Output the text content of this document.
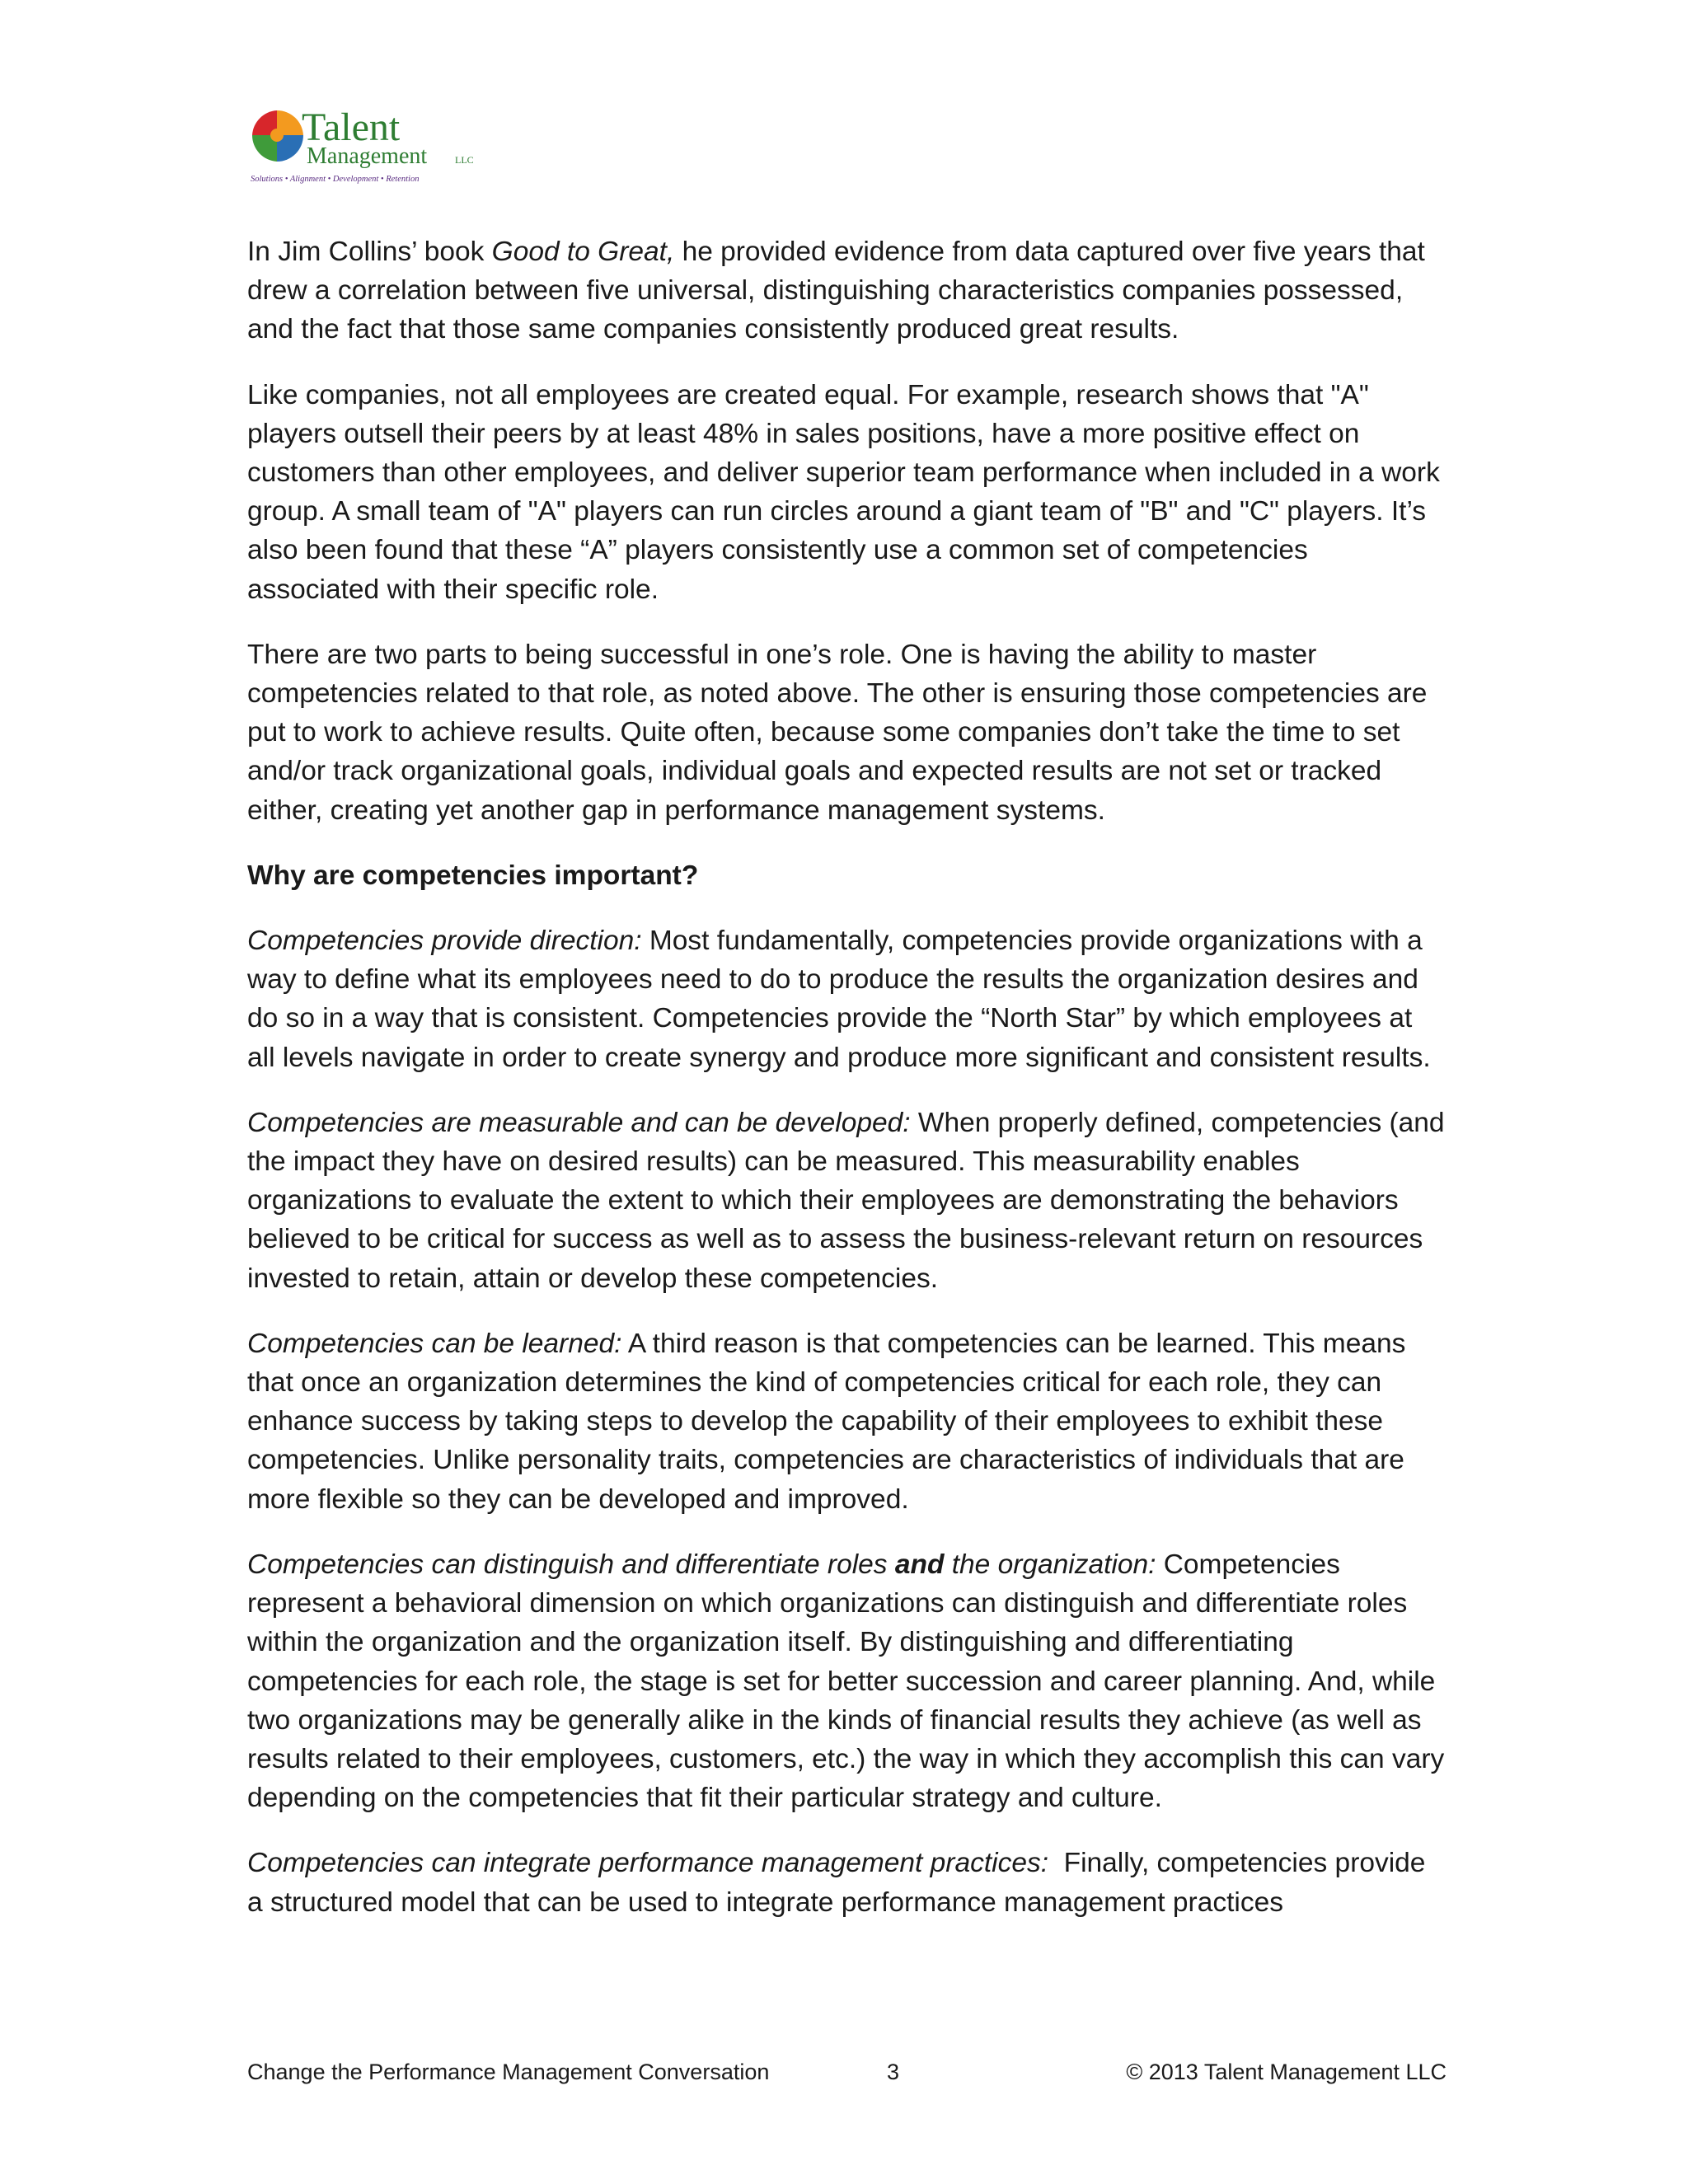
Talent
Management	LLC
Solutions • Alignment • Development • Retention

In Jim Collins’ book Good to Great, he provided evidence from data captured over five years that drew a correlation between five universal, distinguishing characteristics companies possessed, and the fact that those same companies consistently produced great results.

Like companies, not all employees are created equal. For example, research shows that "A" players outsell their peers by at least 48% in sales positions, have a more positive effect on customers than other employees, and deliver superior team performance when included in a work group. A small team of "A" players can run circles around a giant team of "B" and "C" players. It’s also been found that these “A” players consistently use a common set of competencies associated with their specific role.

There are two parts to being successful in one’s role. One is having the ability to master competencies related to that role, as noted above. The other is ensuring those competencies are put to work to achieve results. Quite often, because some companies don’t take the time to set and/or track organizational goals, individual goals and expected results are not set or tracked either, creating yet another gap in performance management systems.

Why are competencies important?

Competencies provide direction: Most fundamentally, competencies provide organizations with a way to define what its employees need to do to produce the results the organization desires and do so in a way that is consistent. Competencies provide the “North Star” by which employees at all levels navigate in order to create synergy and produce more significant and consistent results.

Competencies are measurable and can be developed: When properly defined, competencies (and the impact they have on desired results) can be measured. This measurability enables organizations to evaluate the extent to which their employees are demonstrating the behaviors believed to be critical for success as well as to assess the business-relevant return on resources invested to retain, attain or develop these competencies.

Competencies can be learned: A third reason is that competencies can be learned. This means that once an organization determines the kind of competencies critical for each role, they can enhance success by taking steps to develop the capability of their employees to exhibit these competencies. Unlike personality traits, competencies are characteristics of individuals that are more flexible so they can be developed and improved.

Competencies can distinguish and differentiate roles and the organization: Competencies represent a behavioral dimension on which organizations can distinguish and differentiate roles within the organization and the organization itself. By distinguishing and differentiating competencies for each role, the stage is set for better succession and career planning. And, while two organizations may be generally alike in the kinds of financial results they achieve (as well as results related to their employees, customers, etc.) the way in which they accomplish this can vary depending on the competencies that fit their particular strategy and culture.

Competencies can integrate performance management practices:  Finally, competencies provide a structured model that can be used to integrate performance management practices

Change the Performance Management Conversation	3	© 2013 Talent Management LLC
